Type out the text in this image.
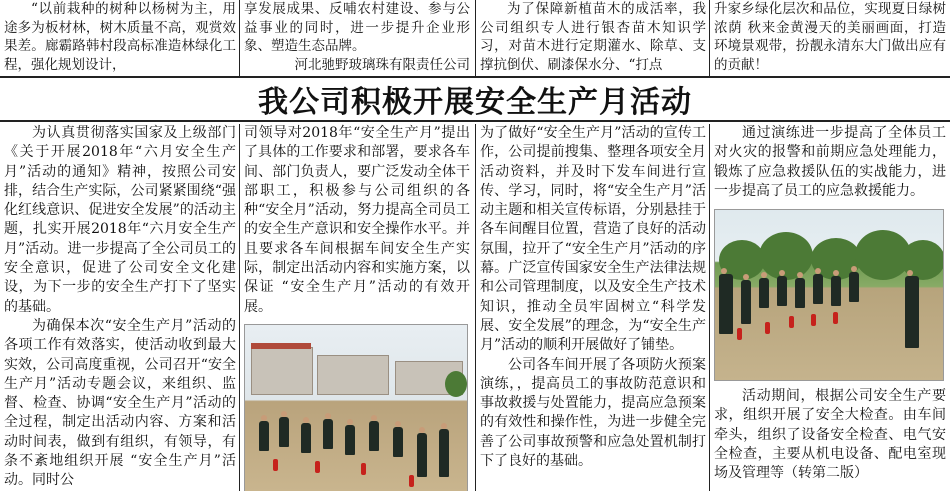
“以前栽种的树种以杨树为主，用途多为板材林，树木质量不高，观赏效果差。廊霸路韩村段高标准造林绿化工程，强化规划设计，

享发展成果、反哺农村建设、参与公益事业的同时，进一步提升企业形象、塑造生态品牌。

河北驰野玻璃珠有限责任公司

为了保障新植苗木的成活率，我公司组织专人进行银杏苗木知识学习，对苗木进行定期灌水、除草、支撑抗倒伏、刷漆保水分、“打点

升家乡绿化层次和品位，实现夏日绿树浓荫 秋来金黄漫天的美丽画面，打造环境景观带，扮靓永清东大门做出应有的贡献！

我公司积极开展安全生产月活动

为认真贯彻落实国家及上级部门《关于开展2018年“六月安全生产月”活动的通知》精神，按照公司安排，结合生产实际，公司紧紧围绕“强化红线意识、促进安全发展”的活动主题，扎实开展2018年“六月安全生产月”活动。进一步提高了全公司员工的安全意识，促进了公司安全文化建设，为下一步的安全生产打下了坚实的基础。

为确保本次“安全生产月”活动的各项工作有效落实，使活动收到最大实效，公司高度重视，公司召开“安全生产月”活动专题会议，来组织、监督、检查、协调“安全生产月”活动的全过程，制定出活动内容、方案和活动时间表，做到有组织，有领导，有条不紊地组织开展 “安全生产月”活动。同时公

司领导对2018年“安全生产月”提出了具体的工作要求和部署，要求各车间、部门负责人，要广泛发动全体干部职工，积极参与公司组织的各种“安全月”活动，努力提高全司员工的安全生产意识和安全操作水平。并且要求各车间根据车间安全生产实际，制定出活动内容和实施方案，以保证 “安全生产月”活动的有效开展。

为了做好“安全生产月”活动的宣传工作，公司提前搜集、整理各项安全月活动资料，并及时下发车间进行宣传、学习，同时，将“安全生产月”活动主题和相关宣传标语，分别悬挂于各车间醒目位置，营造了良好的活动氛围，拉开了“安全生产月”活动的序幕。广泛宣传国家安全生产法律法规和公司管理制度，以及安全生产技术知识，推动全员牢固树立“科学发展、安全发展”的理念，为“安全生产月”活动的顺利开展做好了铺垫。

公司各车间开展了各项防火预案演练，，提高员工的事故防范意识和事故救援与处置能力，提高应急预案的有效性和操作性，为进一步健全完善了公司事故预警和应急处置机制打下了良好的基础。

通过演练进一步提高了全体员工对火灾的报警和前期应急处理能力，锻炼了应急救援队伍的实战能力，进一步提高了员工的应急救援能力。

活动期间，根据公司安全生产要求，组织开展了安全大检查。由车间牵头，组织了设备安全检查、电气安全检查，主要从机电设备、配电室现场及管理等（转第二版）
